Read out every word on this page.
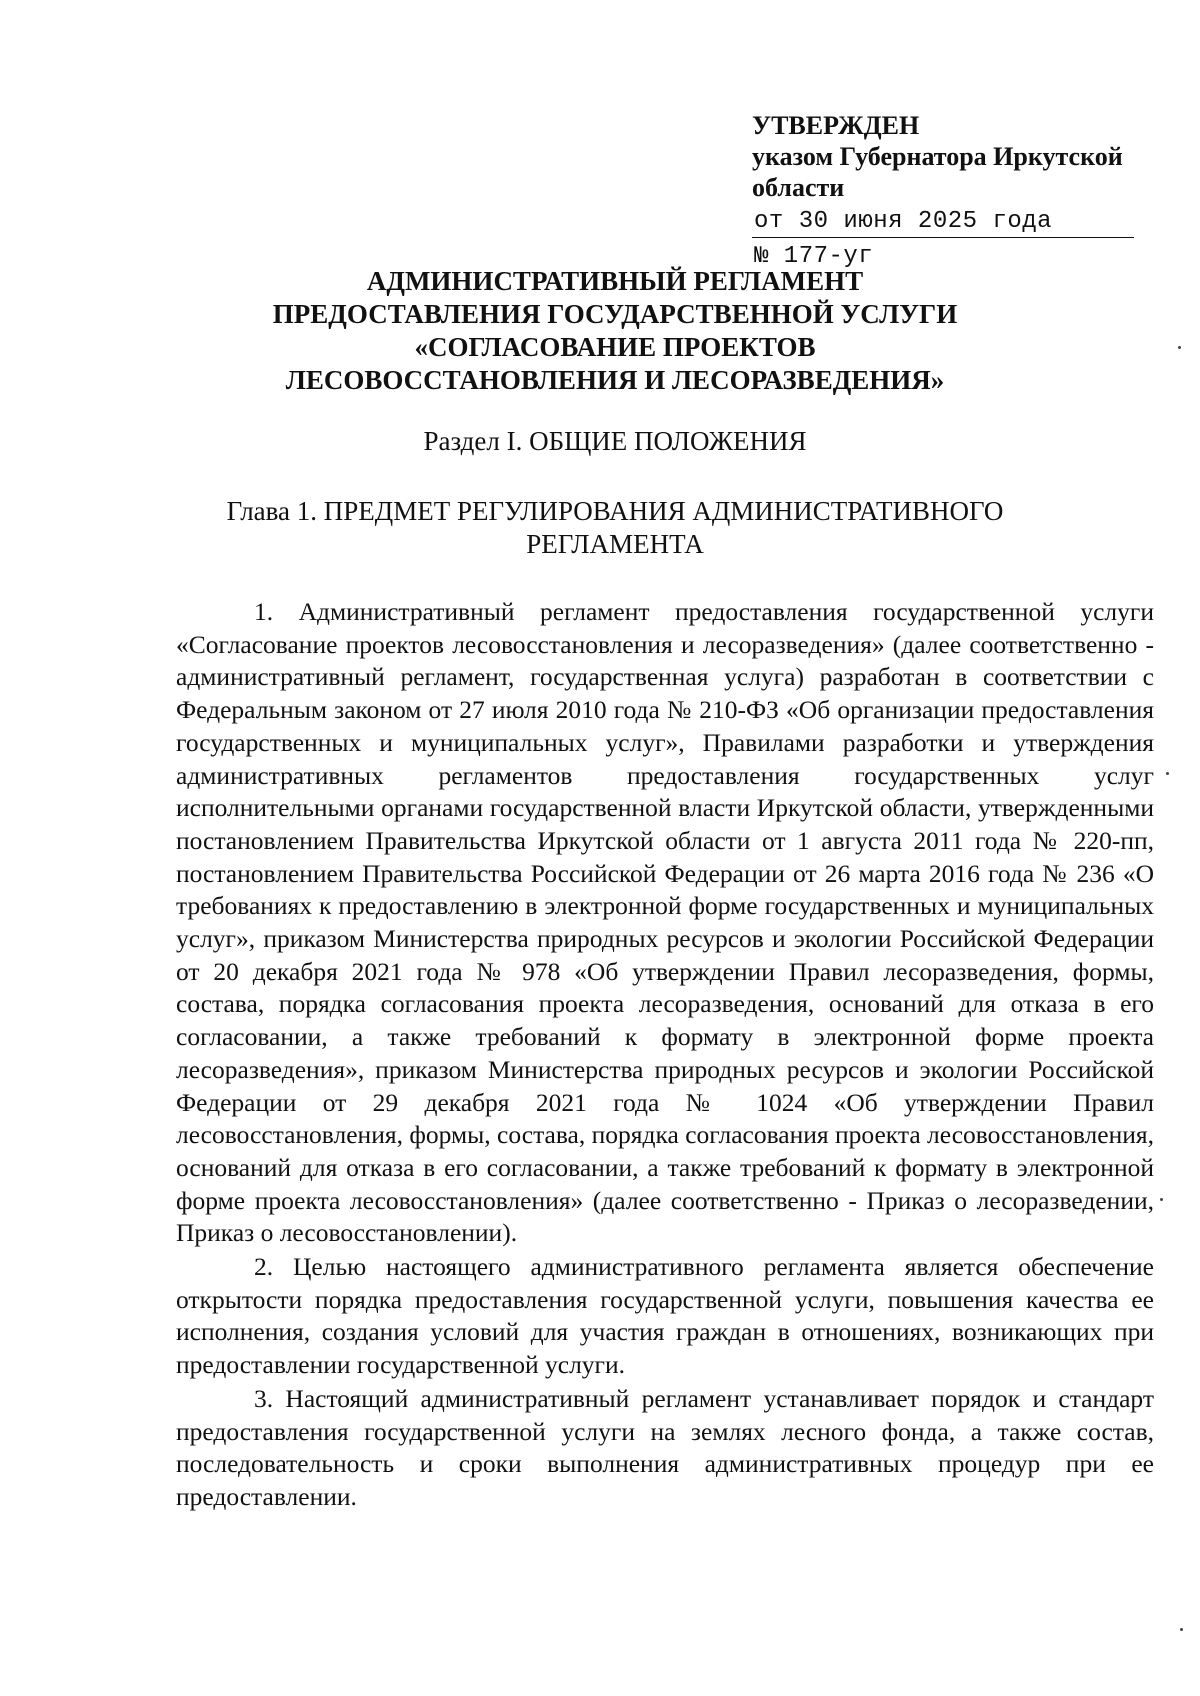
УТВЕРЖДЕН
указом Губернатора Иркутской
области
от 30 июня 2025 года
№ 177-уг
АДМИНИСТРАТИВНЫЙ РЕГЛАМЕНТ
ПРЕДОСТАВЛЕНИЯ ГОСУДАРСТВЕННОЙ УСЛУГИ
«СОГЛАСОВАНИЕ ПРОЕКТОВ
ЛЕСОВОССТАНОВЛЕНИЯ И ЛЕСОРАЗВЕДЕНИЯ»
Раздел I. ОБЩИЕ ПОЛОЖЕНИЯ
Глава 1. ПРЕДМЕТ РЕГУЛИРОВАНИЯ АДМИНИСТРАТИВНОГО
РЕГЛАМЕНТА

1. Административный регламент предоставления государственной услуги «Согласование проектов лесовосстановления и лесоразведения» (далее соответственно - административный регламент, государственная услуга) разработан в соответствии с Федеральным законом от 27 июля 2010 года № 210-ФЗ «Об организации предоставления государственных и муниципальных услуг», Правилами разработки и утверждения административных регламентов предоставления государственных услуг исполнительными органами государственной власти Иркутской области, утвержденными постановлением Правительства Иркутской области от 1 августа 2011 года № 220-пп, постановлением Правительства Российской Федерации от 26 марта 2016 года № 236 «О требованиях к предоставлению в электронной форме государственных и муниципальных услуг», приказом Министерства природных ресурсов и экологии Российской Федерации от 20 декабря 2021 года № 978 «Об утверждении Правил лесоразведения, формы, состава, порядка согласования проекта лесоразведения, оснований для отказа в его согласовании, а также требований к формату в электронной форме проекта лесоразведения», приказом Министерства природных ресурсов и экологии Российской Федерации от 29 декабря 2021 года № 1024 «Об утверждении Правил лесовосстановления, формы, состава, порядка согласования проекта лесовосстановления, оснований для отказа в его согласовании, а также требований к формату в электронной форме проекта лесовосстановления» (далее соответственно - Приказ о лесоразведении, Приказ о лесовосстановлении).

2. Целью настоящего административного регламента является обеспечение открытости порядка предоставления государственной услуги, повышения качества ее исполнения, создания условий для участия граждан в отношениях, возникающих при предоставлении государственной услуги.

3. Настоящий административный регламент устанавливает порядок и стандарт предоставления государственной услуги на землях лесного фонда, а также состав, последовательность и сроки выполнения административных процедур при ее предоставлении.
